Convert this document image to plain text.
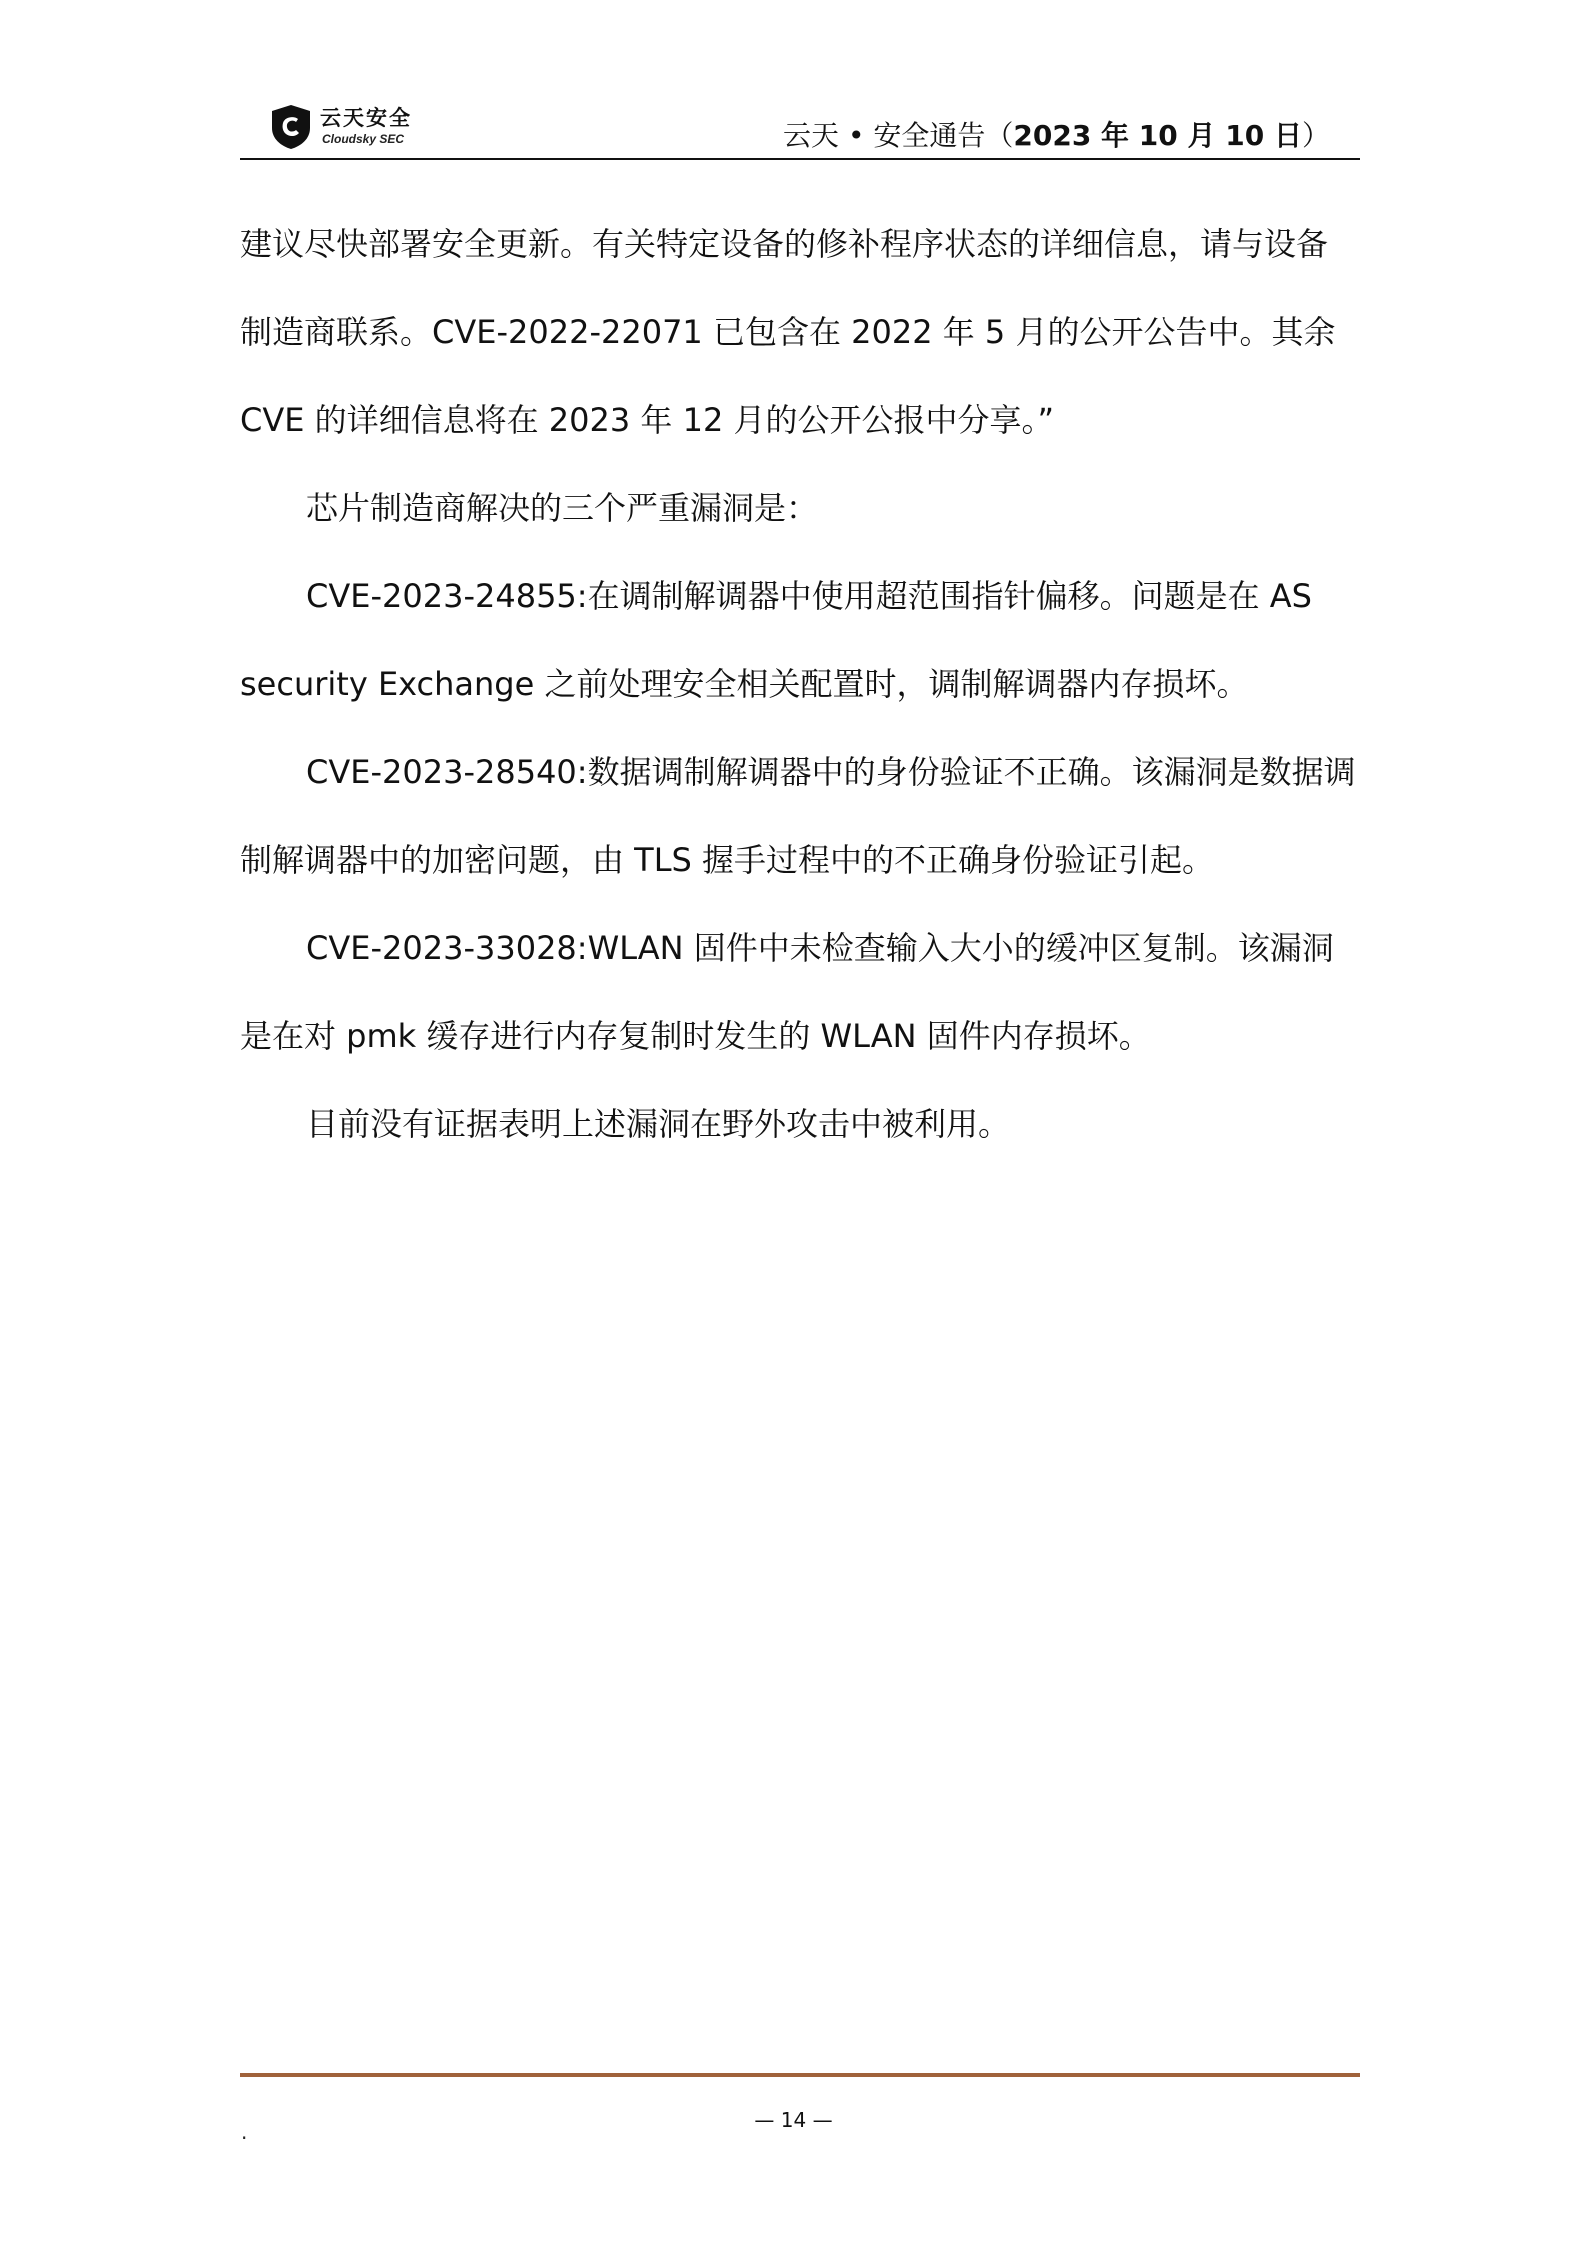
云天安全
Cloudsky SEC	云天 • 安全通告（2023 年 10 月 10 日）

建议尽快部署安全更新。有关特定设备的修补程序状态的详细信息，请与设备

制造商联系。CVE-2022-22071 已包含在 2022 年 5 月的公开公告中。其余

CVE 的详细信息将在 2023 年 12 月的公开公报中分享。”

芯片制造商解决的三个严重漏洞是：

CVE-2023-24855:在调制解调器中使用超范围指针偏移。问题是在 AS

security Exchange 之前处理安全相关配置时，调制解调器内存损坏。

CVE-2023-28540:数据调制解调器中的身份验证不正确。该漏洞是数据调

制解调器中的加密问题，由 TLS 握手过程中的不正确身份验证引起。

CVE-2023-33028:WLAN 固件中未检查输入大小的缓冲区复制。该漏洞

是在对 pmk 缓存进行内存复制时发生的 WLAN 固件内存损坏。

目前没有证据表明上述漏洞在野外攻击中被利用。

.	— 14 —
